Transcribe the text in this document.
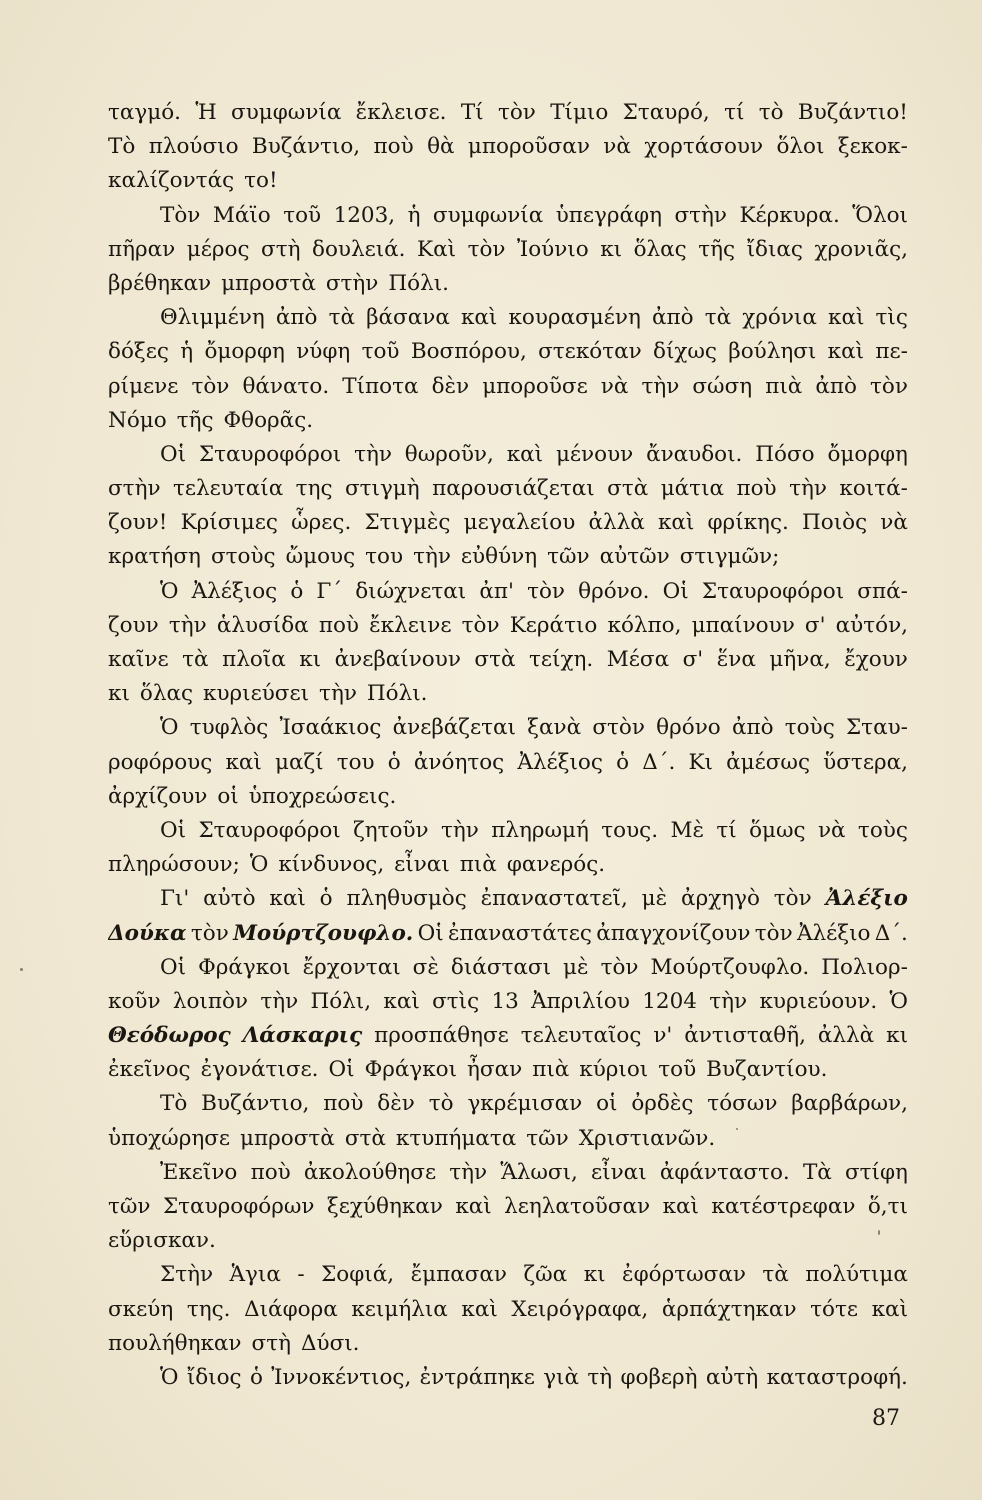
ταγμό. Ἡ συμφωνία ἔκλεισε. Τί τὸν Τίμιο Σταυρό, τί τὸ Βυζάντιο!
Τὸ πλούσιο Βυζάντιο, ποὺ θὰ μποροῦσαν νὰ χορτάσουν ὅλοι ξεκοκ-
καλίζοντάς το!
Τὸν Μάϊο τοῦ 1203, ἡ συμφωνία ὑπεγράφη στὴν Κέρκυρα. Ὅλοι
πῆραν μέρος στὴ δουλειά. Καὶ τὸν Ἰούνιο κι ὅλας τῆς ἴδιας χρονιᾶς,
βρέθηκαν μπροστὰ στὴν Πόλι.
Θλιμμένη ἀπὸ τὰ βάσανα καὶ κουρασμένη ἀπὸ τὰ χρόνια καὶ τὶς
δόξες ἡ ὄμορφη νύφη τοῦ Βοσπόρου, στεκόταν δίχως βούλησι καὶ πε-
ρίμενε τὸν θάνατο. Τίποτα δὲν μποροῦσε νὰ τὴν σώση πιὰ ἀπὸ τὸν
Νόμο τῆς Φθορᾶς.
Οἱ Σταυροφόροι τὴν θωροῦν, καὶ μένουν ἄναυδοι. Πόσο ὄμορφη
στὴν τελευταία της στιγμὴ παρουσιάζεται στὰ μάτια ποὺ τὴν κοιτά-
ζουν! Κρίσιμες ὧρες. Στιγμὲς μεγαλείου ἀλλὰ καὶ φρίκης. Ποιὸς νὰ
κρατήση στοὺς ὤμους του τὴν εὐθύνη τῶν αὐτῶν στιγμῶν;
Ὁ Ἀλέξιος ὁ Γ΄ διώχνεται ἀπ' τὸν θρόνο. Οἱ Σταυροφόροι σπά-
ζουν τὴν ἁλυσίδα ποὺ ἔκλεινε τὸν Κεράτιο κόλπο, μπαίνουν σ' αὐτόν,
καῖνε τὰ πλοῖα κι ἀνεβαίνουν στὰ τείχη. Μέσα σ' ἕνα μῆνα, ἔχουν
κι ὅλας κυριεύσει τὴν Πόλι.
Ὁ τυφλὸς Ἰσαάκιος ἀνεβάζεται ξανὰ στὸν θρόνο ἀπὸ τοὺς Σταυ-
ροφόρους καὶ μαζί του ὁ ἀνόητος Ἀλέξιος ὁ Δ΄. Κι ἀμέσως ὕστερα,
ἀρχίζουν οἱ ὑποχρεώσεις.
Οἱ Σταυροφόροι ζητοῦν τὴν πληρωμή τους. Μὲ τί ὅμως νὰ τοὺς
πληρώσουν; Ὁ κίνδυνος, εἶναι πιὰ φανερός.
Γι' αὐτὸ καὶ ὁ πληθυσμὸς ἐπαναστατεῖ, μὲ ἀρχηγὸ τὸν Ἀλέξιο
Δούκα τὸν Μούρτζουφλο. Οἱ ἐπαναστάτες ἀπαγχονίζουν τὸν Ἀλέξιο Δ΄.
Οἱ Φράγκοι ἔρχονται σὲ διάστασι μὲ τὸν Μούρτζουφλο. Πολιορ-
κοῦν λοιπὸν τὴν Πόλι, καὶ στὶς 13 Ἀπριλίου 1204 τὴν κυριεύουν. Ὁ
Θεόδωρος Λάσκαρις προσπάθησε τελευταῖος ν' ἀντισταθῆ, ἀλλὰ κι
ἐκεῖνος ἐγονάτισε. Οἱ Φράγκοι ἦσαν πιὰ κύριοι τοῦ Βυζαντίου.
Τὸ Βυζάντιο, ποὺ δὲν τὸ γκρέμισαν οἱ ὀρδὲς τόσων βαρβάρων,
ὑποχώρησε μπροστὰ στὰ κτυπήματα τῶν Χριστιανῶν.
Ἐκεῖνο ποὺ ἀκολούθησε τὴν Ἅλωσι, εἶναι ἀφάνταστο. Τὰ στίφη
τῶν Σταυροφόρων ξεχύθηκαν καὶ λεηλατοῦσαν καὶ κατέστρεφαν ὅ,τι
εὕρισκαν.
Στὴν Ἁγια - Σοφιά, ἔμπασαν ζῶα κι ἐφόρτωσαν τὰ πολύτιμα
σκεύη της. Διάφορα κειμήλια καὶ Χειρόγραφα, ἁρπάχτηκαν τότε καὶ
πουλήθηκαν στὴ Δύσι.
Ὁ ἴδιος ὁ Ἰννοκέντιος, ἐντράπηκε γιὰ τὴ φοβερὴ αὐτὴ καταστροφή.
87
